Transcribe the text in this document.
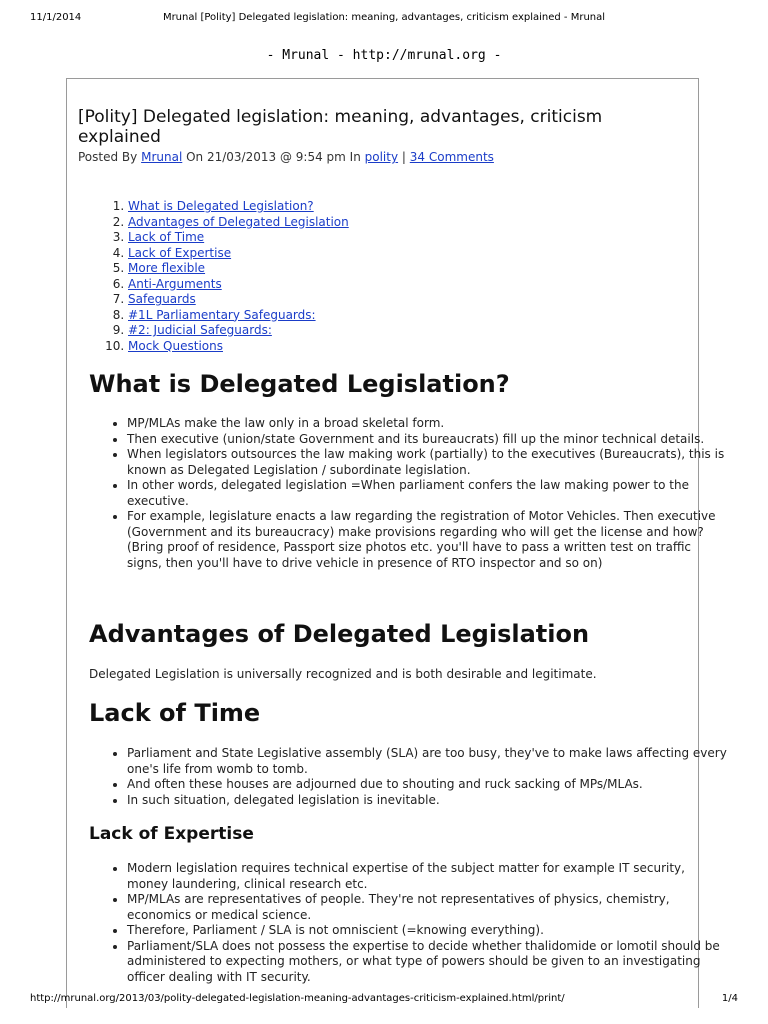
11/1/2014	Mrunal [Polity] Delegated legislation: meaning, advantages, criticism explained - Mrunal
- Mrunal - http://mrunal.org -
[Polity] Delegated legislation: meaning, advantages, criticism explained
Posted By Mrunal On 21/03/2013 @ 9:54 pm In polity | 34 Comments
1. What is Delegated Legislation?
2. Advantages of Delegated Legislation
3. Lack of Time
4. Lack of Expertise
5. More flexible
6. Anti-Arguments
7. Safeguards
8. #1L Parliamentary Safeguards:
9. #2: Judicial Safeguards:
10. Mock Questions
What is Delegated Legislation?
• MP/MLAs make the law only in a broad skeletal form.
• Then executive (union/state Government and its bureaucrats) fill up the minor technical details.
• When legislators outsources the law making work (partially) to the executives (Bureaucrats), this is known as Delegated Legislation / subordinate legislation.
• In other words, delegated legislation =When parliament confers the law making power to the executive.
• For example, legislature enacts a law regarding the registration of Motor Vehicles. Then executive (Government and its bureaucracy) make provisions regarding who will get the license and how? (Bring proof of residence, Passport size photos etc. you'll have to pass a written test on traffic signs, then you'll have to drive vehicle in presence of RTO inspector and so on)
Advantages of Delegated Legislation
Delegated Legislation is universally recognized and is both desirable and legitimate.
Lack of Time
• Parliament and State Legislative assembly (SLA) are too busy, they've to make laws affecting every one's life from womb to tomb.
• And often these houses are adjourned due to shouting and ruck sacking of MPs/MLAs.
• In such situation, delegated legislation is inevitable.
Lack of Expertise
• Modern legislation requires technical expertise of the subject matter for example IT security, money laundering, clinical research etc.
• MP/MLAs are representatives of people. They're not representatives of physics, chemistry, economics or medical science.
• Therefore, Parliament / SLA is not omniscient (=knowing everything).
• Parliament/SLA does not possess the expertise to decide whether thalidomide or lomotil should be administered to expecting mothers, or what type of powers should be given to an investigating officer dealing with IT security.
http://mrunal.org/2013/03/polity-delegated-legislation-meaning-advantages-criticism-explained.html/print/	1/4
